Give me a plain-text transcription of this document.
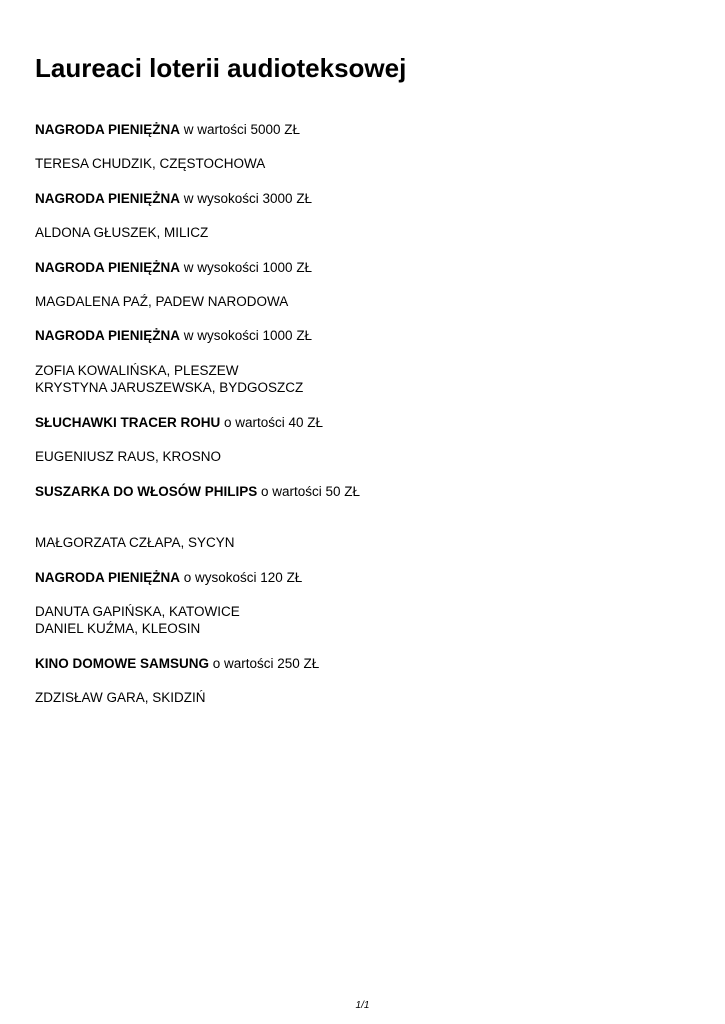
Laureaci loterii audioteksowej
NAGRODA PIENIĘŻNA w wartości 5000 ZŁ
TERESA CHUDZIK, CZĘSTOCHOWA
NAGRODA PIENIĘŻNA w wysokości 3000 ZŁ
ALDONA GŁUSZEK, MILICZ
NAGRODA PIENIĘŻNA w wysokości 1000 ZŁ
MAGDALENA PAŹ, PADEW NARODOWA
NAGRODA PIENIĘŻNA w wysokości 1000 ZŁ
ZOFIA KOWALIŃSKA, PLESZEW
KRYSTYNA JARUSZEWSKA, BYDGOSZCZ
SŁUCHAWKI TRACER ROHU o wartości 40 ZŁ
EUGENIUSZ RAUS, KROSNO
SUSZARKA DO WŁOSÓW PHILIPS o wartości 50 ZŁ
MAŁGORZATA CZŁAPA, SYCYN
NAGRODA PIENIĘŻNA o wysokości 120 ZŁ
DANUTA GAPIŃSKA, KATOWICE
DANIEL KUŹMA, KLEOSIN
KINO DOMOWE SAMSUNG o wartości 250 ZŁ
ZDZISŁAW GARA, SKIDZIŃ
1/1
